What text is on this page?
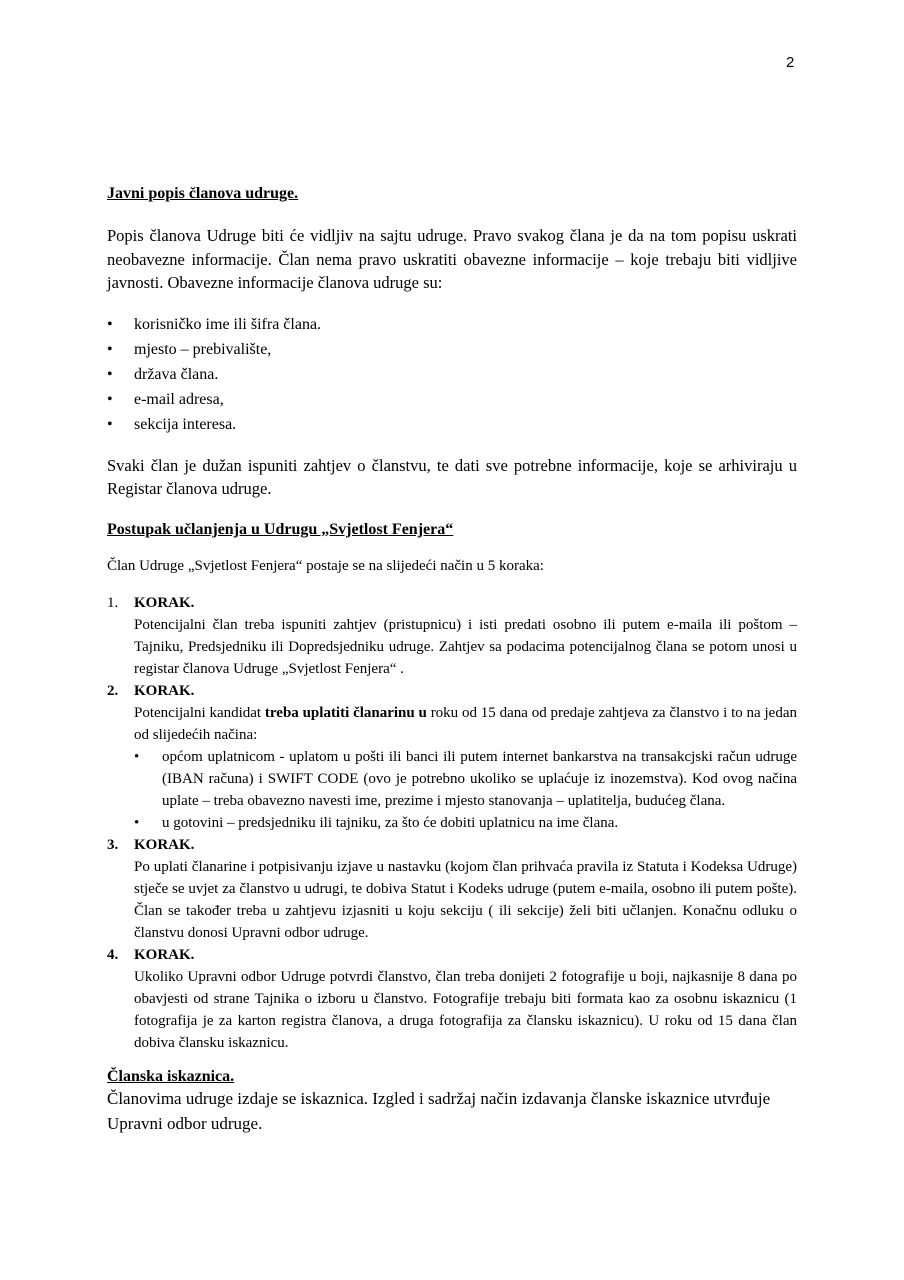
2
Javni popis članova udruge.

Popis članova Udruge biti će vidljiv na sajtu udruge. Pravo svakog člana je da na tom popisu uskrati neobavezne informacije. Član nema pravo uskratiti obavezne informacije – koje trebaju biti vidljive javnosti. Obavezne informacije članova udruge su:

• korisničko ime ili šifra člana.
• mjesto – prebivalište,
• država člana.
• e-mail adresa,
• sekcija interesa.

Svaki član je dužan ispuniti zahtjev o članstvu, te dati sve potrebne informacije, koje se arhiviraju u Registar članova udruge.

Postupak učlanjenja u Udrugu „Svjetlost Fenjera“

Član Udruge „Svjetlost Fenjera“ postaje se na slijedeći način u 5 koraka:

1. KORAK.
Potencijalni član treba ispuniti zahtjev (pristupnicu) i isti predati osobno ili putem e-maila ili poštom – Tajniku, Predsjedniku ili Dopredsjedniku udruge. Zahtjev sa podacima potencijalnog člana se potom unosi u registar članova Udruge „Svjetlost Fenjera“ .
2. KORAK.
Potencijalni kandidat treba uplatiti članarinu u roku od 15 dana od predaje zahtjeva za članstvo i to na jedan od slijedećih načina:
• općom uplatnicom - uplatom u pošti ili banci ili putem internet bankarstva na transakcjski račun udruge (IBAN računa) i SWIFT CODE (ovo je potrebno ukoliko se uplaćuje iz inozemstva). Kod ovog načina uplate – treba obavezno navesti ime, prezime i mjesto stanovanja – uplatitelja, budućeg člana.
• u gotovini – predsjedniku ili tajniku, za što će dobiti uplatnicu na ime člana.
3. KORAK.
Po uplati članarine i potpisivanju izjave u nastavku (kojom član prihvaća pravila iz Statuta i Kodeksa Udruge) stječe se uvjet za članstvo u udrugi, te dobiva Statut i Kodeks udruge (putem e-maila, osobno ili putem pošte). Član se također treba u zahtjevu izjasniti u koju sekciju ( ili sekcije) želi biti učlanjen. Konačnu odluku o članstvu donosi Upravni odbor udruge.
4. KORAK.
Ukoliko Upravni odbor Udruge potvrdi članstvo, član treba donijeti 2 fotografije u boji, najkasnije 8 dana po obavjesti od strane Tajnika o izboru u članstvo. Fotografije trebaju biti formata kao za osobnu iskaznicu (1 fotografija je za karton registra članova, a druga fotografija za člansku iskaznicu). U roku od 15 dana član dobiva člansku iskaznicu.
Članska iskaznica.

Članovima udruge izdaje se iskaznica. Izgled i sadržaj način izdavanja članske iskaznice utvrđuje Upravni odbor udruge.
